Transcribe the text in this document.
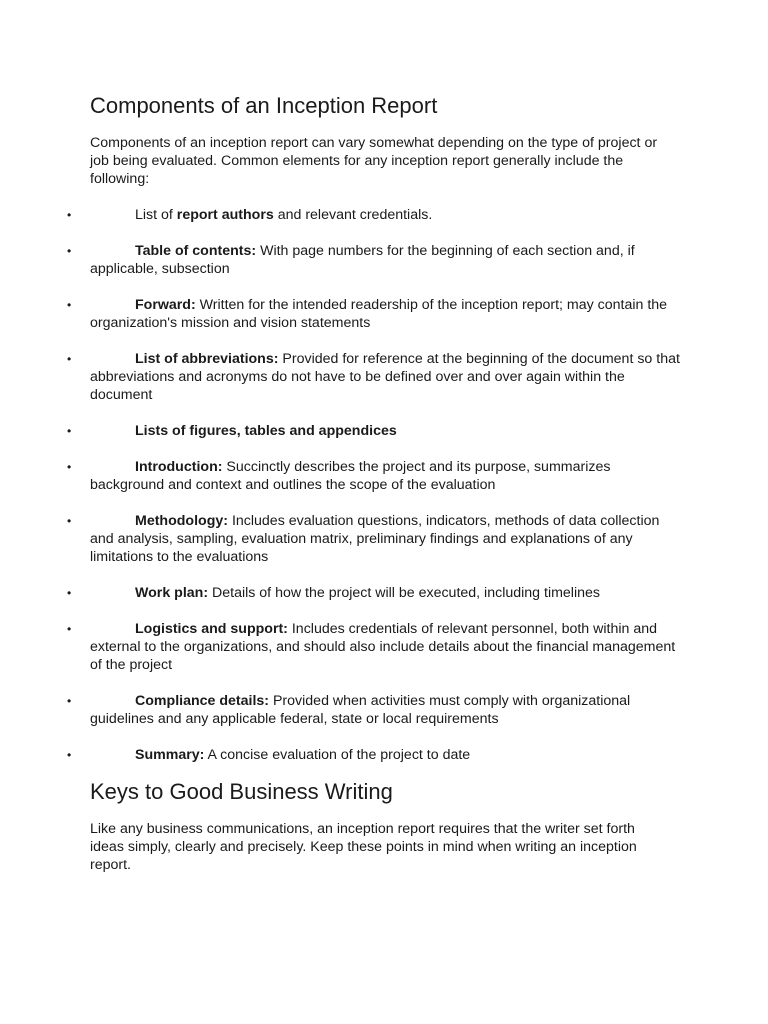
Components of an Inception Report

Components of an inception report can vary somewhat depending on the type of project or job being evaluated. Common elements for any inception report generally include the following:

•	List of report authors and relevant credentials.
•	Table of contents: With page numbers for the beginning of each section and, if applicable, subsection
•	Forward: Written for the intended readership of the inception report; may contain the organization's mission and vision statements
•	List of abbreviations: Provided for reference at the beginning of the document so that abbreviations and acronyms do not have to be defined over and over again within the document
•	Lists of figures, tables and appendices
•	Introduction: Succinctly describes the project and its purpose, summarizes background and context and outlines the scope of the evaluation
•	Methodology: Includes evaluation questions, indicators, methods of data collection and analysis, sampling, evaluation matrix, preliminary findings and explanations of any limitations to the evaluations
•	Work plan: Details of how the project will be executed, including timelines
•	Logistics and support: Includes credentials of relevant personnel, both within and external to the organizations, and should also include details about the financial management of the project
•	Compliance details: Provided when activities must comply with organizational guidelines and any applicable federal, state or local requirements
•	Summary: A concise evaluation of the project to date
Keys to Good Business Writing

Like any business communications, an inception report requires that the writer set forth ideas simply, clearly and precisely. Keep these points in mind when writing an inception report.
